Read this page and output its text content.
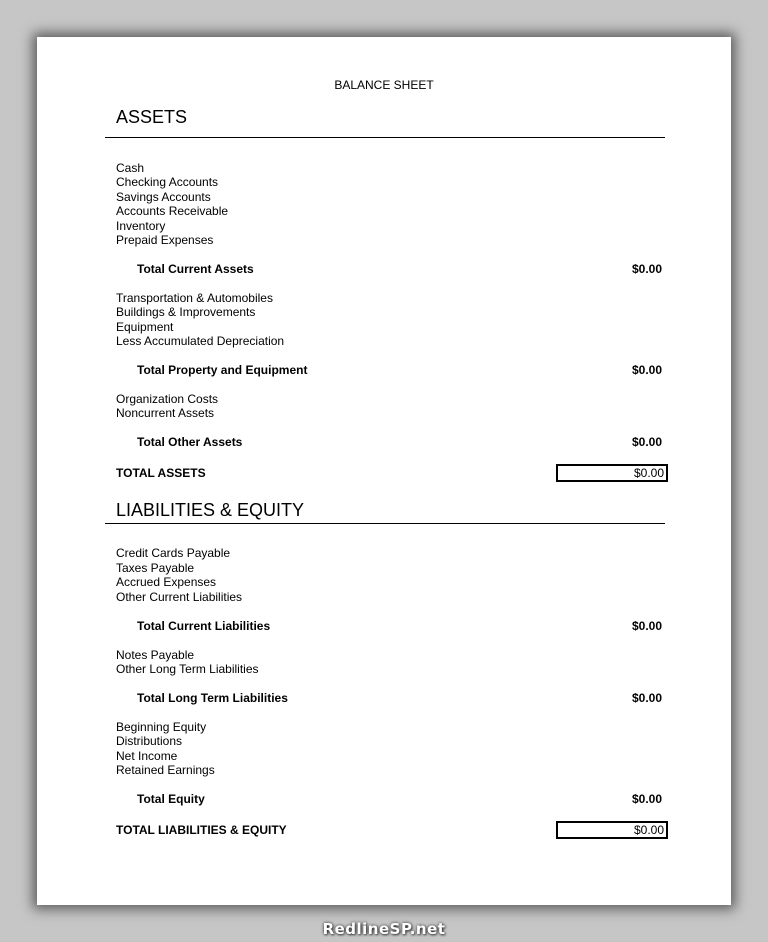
BALANCE SHEET
ASSETS
Cash
Checking Accounts
Savings Accounts
Accounts Receivable
Inventory
Prepaid Expenses
Total Current Assets	$0.00
Transportation & Automobiles
Buildings & Improvements
Equipment
Less Accumulated Depreciation
Total Property and Equipment	$0.00
Organization Costs
Noncurrent Assets
Total Other Assets	$0.00
TOTAL ASSETS	$0.00
LIABILITIES & EQUITY
Credit Cards Payable
Taxes Payable
Accrued Expenses
Other Current Liabilities
Total Current Liabilities	$0.00
Notes Payable
Other Long Term Liabilities
Total Long Term Liabilities	$0.00
Beginning Equity
Distributions
Net Income
Retained Earnings
Total Equity	$0.00
TOTAL LIABILITIES & EQUITY	$0.00
RedlineSP.net
